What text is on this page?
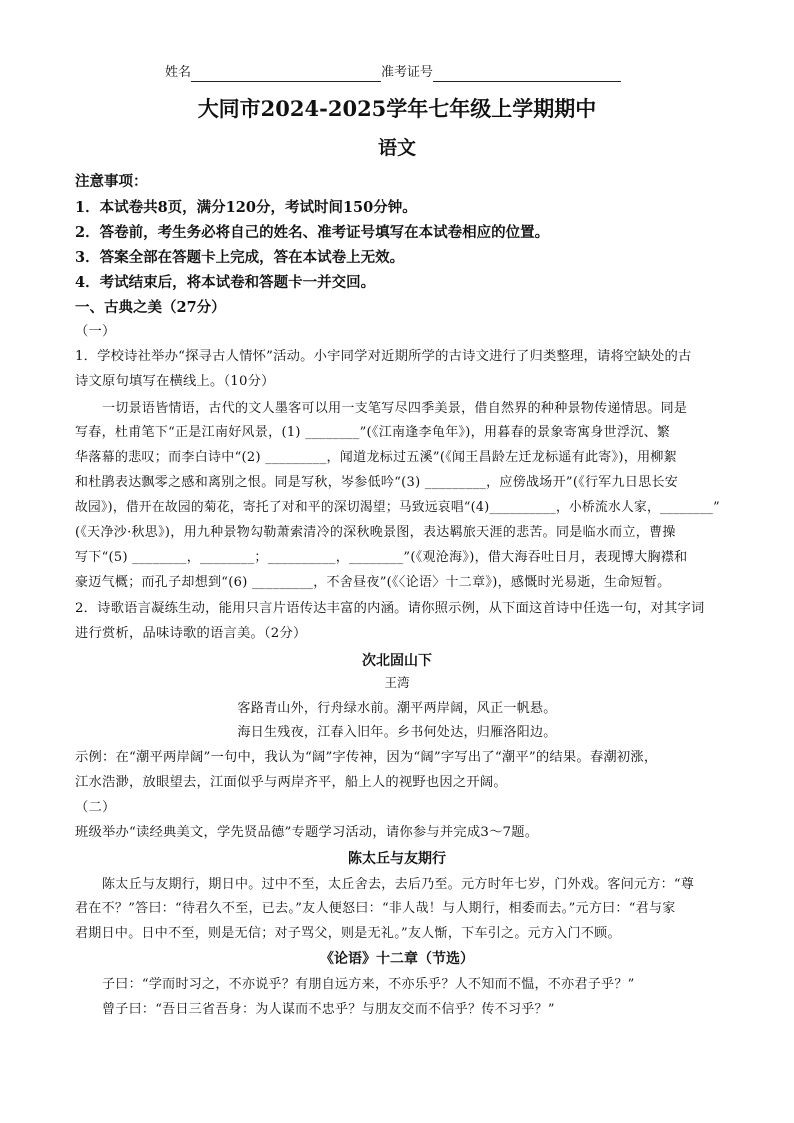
姓名	准考证号
大同市2024-2025学年七年级上学期期中
语文
注意事项：
1．本试卷共8页，满分120分，考试时间150分钟。
2．答卷前，考生务必将自己的姓名、准考证号填写在本试卷相应的位置。
3．答案全部在答题卡上完成，答在本试卷上无效。
4．考试结束后，将本试卷和答题卡一并交回。
一、古典之美（27分）
（一）
1．学校诗社举办“探寻古人情怀”活动。小宇同学对近期所学的古诗文进行了归类整理，请将空缺处的古
诗文原句填写在横线上。（10分）
一切景语皆情语，古代的文人墨客可以用一支笔写尽四季美景，借自然界的种种景物传递情思。同是
写春，杜甫笔下“正是江南好风景，(1) ________”(《江南逢李龟年》)，用暮春的景象寄寓身世浮沉、繁
华落幕的悲叹；而李白诗中“(2) _________，闻道龙标过五溪”(《闻王昌龄左迁龙标遥有此寄》)，用柳絮
和杜鹃表达飘零之感和离别之恨。同是写秋，岑参低吟“(3) _________，应傍战场开”(《行军九日思长安
故园》)，借开在故园的菊花，寄托了对和平的深切渴望；马致远哀唱“(4)__________，小桥流水人家，________”
(《天净沙·秋思》)，用九种景物勾勒萧索清冷的深秋晚景图，表达羁旅天涯的悲苦。同是临水而立，曹操
写下“(5) ________，________；__________，________”(《观沧海》)，借大海吞吐日月，表现博大胸襟和
豪迈气概；而孔子却想到“(6) _________，不舍昼夜”(《〈论语〉十二章》)，感慨时光易逝，生命短暂。
2．诗歌语言凝练生动，能用只言片语传达丰富的内涵。请你照示例，从下面这首诗中任选一句，对其字词
进行赏析，品味诗歌的语言美。（2分）
次北固山下
王湾
客路青山外，行舟绿水前。潮平两岸阔，风正一帆悬。
海日生残夜，江春入旧年。乡书何处达，归雁洛阳边。
示例：在“潮平两岸阔”一句中，我认为“阔”字传神，因为“阔”字写出了“潮平”的结果。春潮初涨，
江水浩渺，放眼望去，江面似乎与两岸齐平，船上人的视野也因之开阔。
（二）
班级举办“读经典美文，学先贤品德”专题学习活动，请你参与并完成3～7题。
陈太丘与友期行
陈太丘与友期行，期日中。过中不至，太丘舍去，去后乃至。元方时年七岁，门外戏。客问元方：“尊
君在不？”答曰：“待君久不至，已去。”友人便怒曰：“非人哉！与人期行，相委而去。”元方曰：“君与家
君期日中。日中不至，则是无信；对子骂父，则是无礼。”友人惭，下车引之。元方入门不顾。
《论语》十二章（节选）
子曰：“学而时习之，不亦说乎？有朋自远方来，不亦乐乎？人不知而不愠，不亦君子乎？”
曾子曰：“吾日三省吾身：为人谋而不忠乎？与朋友交而不信乎？传不习乎？”
